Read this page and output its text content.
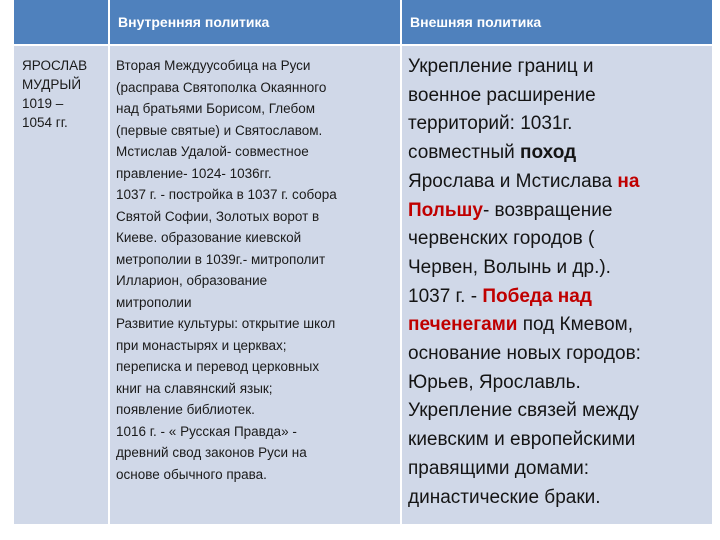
Внутренняя политика	Внешняя политика
ЯРОСЛАВ
МУДРЫЙ
1019 –
1054 гг.
Вторая Междуусобица на Руси
(расправа Святополка Окаянного
над братьями Борисом, Глебом
(первые святые) и Святославом.
Мстислав Удалой- совместное
правление- 1024- 1036гг.
1037 г. - постройка в 1037 г. собора
Святой Софии, Золотых ворот в
Киеве. образование киевской
метрополии в 1039г.- митрополит
Илларион, образование
митрополии
Развитие культуры: открытие школ
при монастырях и церквах;
переписка и перевод церковных
книг на славянский язык;
появление библиотек.
1016 г. - « Русская Правда» -
древний свод законов Руси на
основе обычного права.
Укрепление границ и
военное расширение
территорий: 1031г.
совместный поход
Ярослава и Мстислава на
Польшу- возвращение
червенских городов (
Червен, Волынь и др.).
1037 г. - Победа над
печенегами под Кмевом,
основание новых городов:
Юрьев, Ярославль.
Укрепление связей между
киевским и европейскими
правящими домами:
династические браки.
